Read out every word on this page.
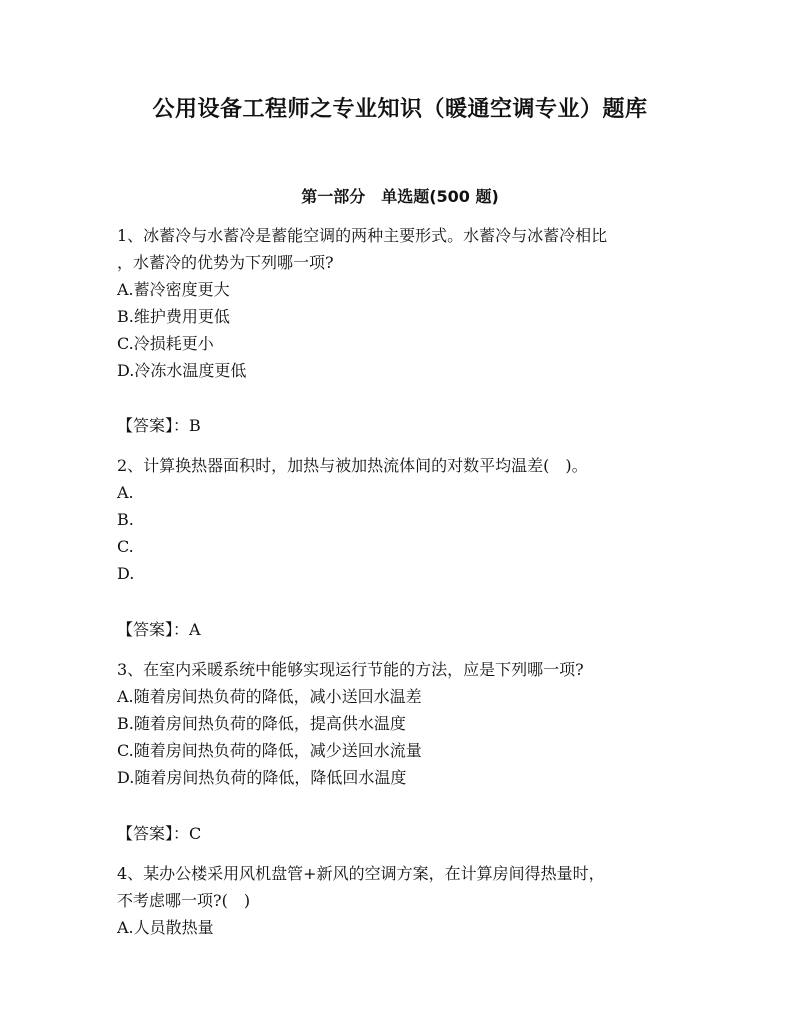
公用设备工程师之专业知识（暖通空调专业）题库
第一部分　单选题(500 题)
1、冰蓄冷与水蓄冷是蓄能空调的两种主要形式。水蓄冷与冰蓄冷相比
，水蓄冷的优势为下列哪一项?
A.蓄冷密度更大
B.维护费用更低
C.冷损耗更小
D.冷冻水温度更低
【答案】：B
2、计算换热器面积时，加热与被加热流体间的对数平均温差(　)。
A.
B.
C.
D.
【答案】：A
3、在室内采暖系统中能够实现运行节能的方法，应是下列哪一项?
A.随着房间热负荷的降低，减小送回水温差
B.随着房间热负荷的降低，提高供水温度
C.随着房间热负荷的降低，减少送回水流量
D.随着房间热负荷的降低，降低回水温度
【答案】：C
4、某办公楼采用风机盘管+新风的空调方案，在计算房间得热量时，
不考虑哪一项?(　)
A.人员散热量
